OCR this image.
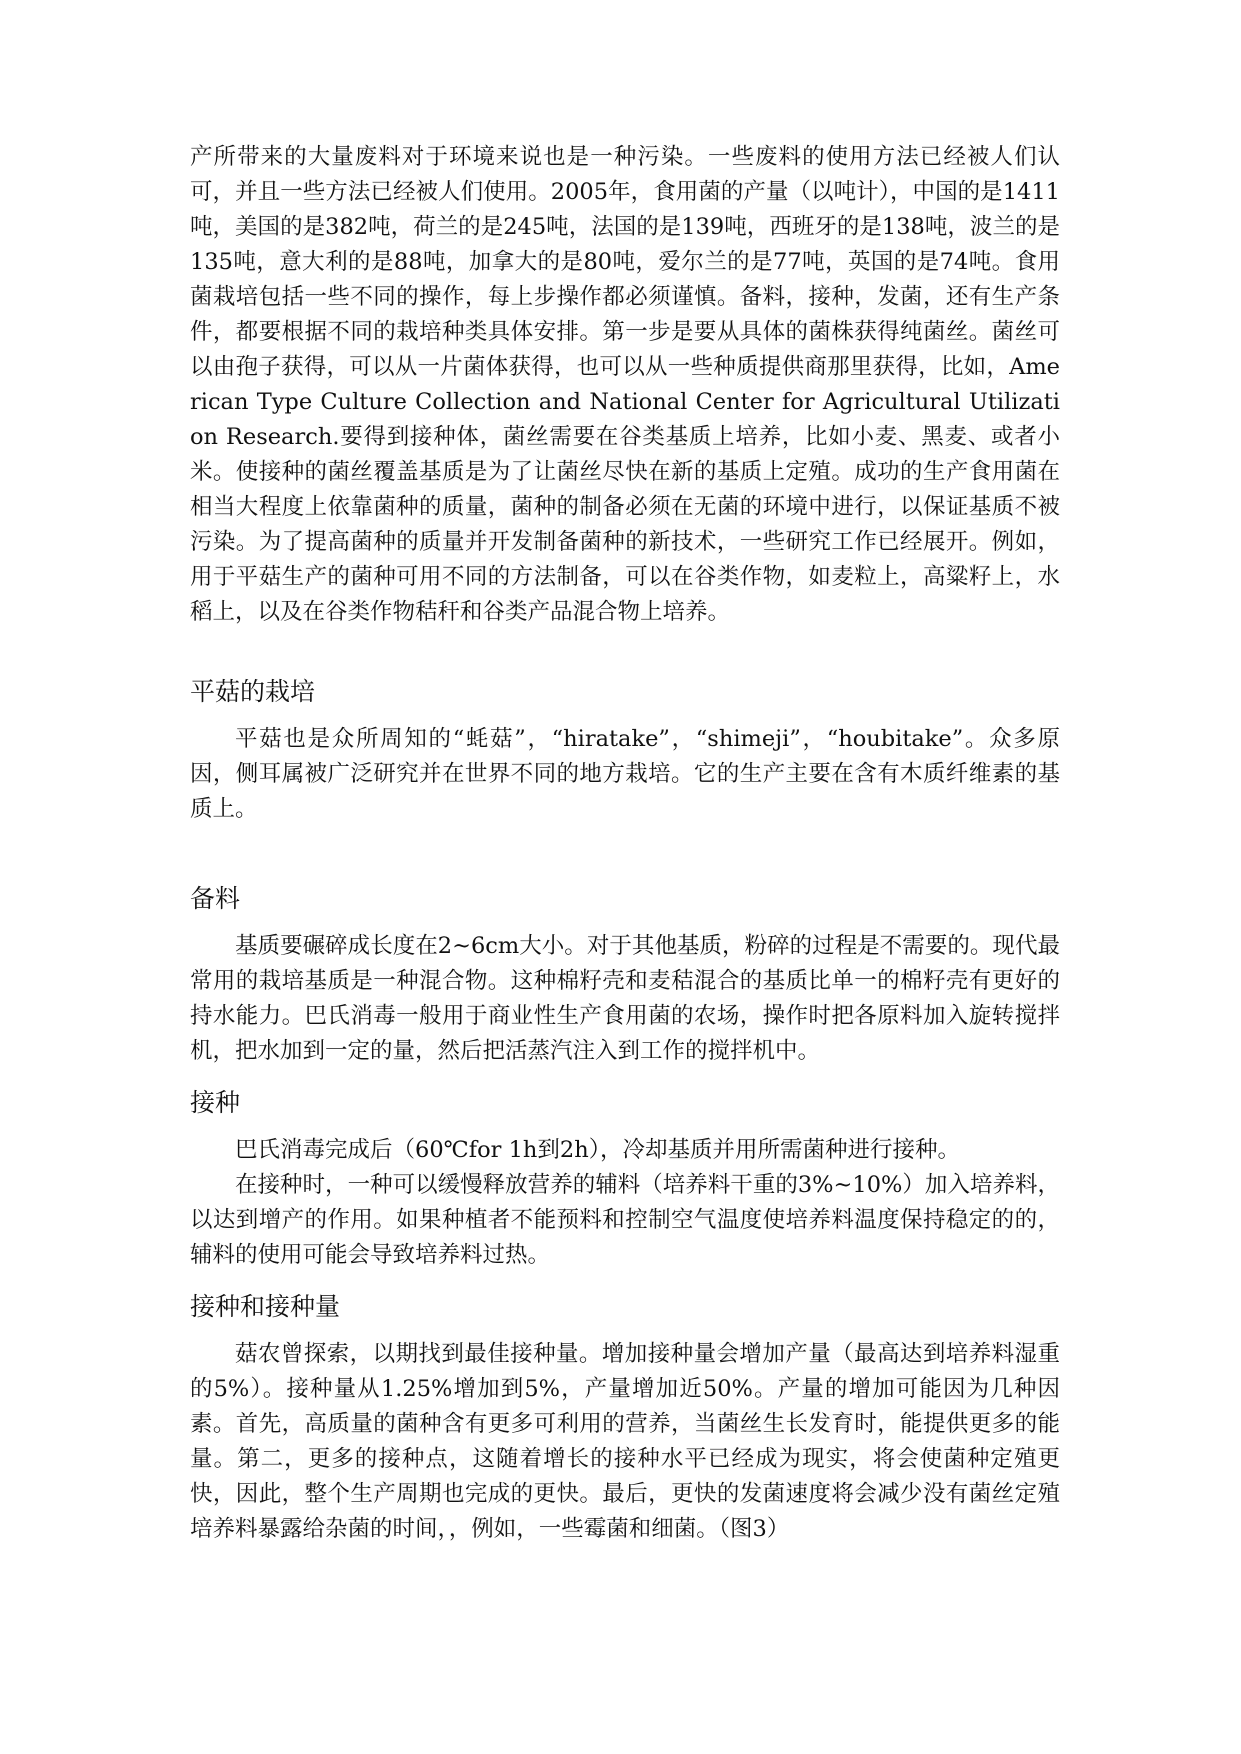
产所带来的大量废料对于环境来说也是一种污染。一些废料的使用方法已经被人们认可，并且一些方法已经被人们使用。2005年，食用菌的产量（以吨计），中国的是1411吨，美国的是382吨，荷兰的是245吨，法国的是139吨，西班牙的是138吨，波兰的是135吨，意大利的是88吨，加拿大的是80吨，爱尔兰的是77吨，英国的是74吨。食用菌栽培包括一些不同的操作，每上步操作都必须谨慎。备料，接种，发菌，还有生产条件，都要根据不同的栽培种类具体安排。第一步是要从具体的菌株获得纯菌丝。菌丝可以由孢子获得，可以从一片菌体获得，也可以从一些种质提供商那里获得，比如，American Type Culture Collection and National Center for Agricultural Utilization Research.要得到接种体，菌丝需要在谷类基质上培养，比如小麦、黑麦、或者小米。使接种的菌丝覆盖基质是为了让菌丝尽快在新的基质上定殖。成功的生产食用菌在相当大程度上依靠菌种的质量，菌种的制备必须在无菌的环境中进行，以保证基质不被污染。为了提高菌种的质量并开发制备菌种的新技术，一些研究工作已经展开。例如，用于平菇生产的菌种可用不同的方法制备，可以在谷类作物，如麦粒上，高粱籽上，水稻上，以及在谷类作物秸秆和谷类产品混合物上培养。

平菇的栽培

平菇也是众所周知的“蚝菇”，“hiratake”，“shimeji”，“houbitake”。众多原因，侧耳属被广泛研究并在世界不同的地方栽培。它的生产主要在含有木质纤维素的基质上。

备料

基质要碾碎成长度在2~6cm大小。对于其他基质，粉碎的过程是不需要的。现代最常用的栽培基质是一种混合物。这种棉籽壳和麦秸混合的基质比单一的棉籽壳有更好的持水能力。巴氏消毒一般用于商业性生产食用菌的农场，操作时把各原料加入旋转搅拌机，把水加到一定的量，然后把活蒸汽注入到工作的搅拌机中。

接种

巴氏消毒完成后（60℃for 1h到2h），冷却基质并用所需菌种进行接种。

在接种时，一种可以缓慢释放营养的辅料（培养料干重的3%~10%）加入培养料，以达到增产的作用。如果种植者不能预料和控制空气温度使培养料温度保持稳定的的，辅料的使用可能会导致培养料过热。

接种和接种量

菇农曾探索，以期找到最佳接种量。增加接种量会增加产量（最高达到培养料湿重的5%）。接种量从1.25%增加到5%，产量增加近50%。产量的增加可能因为几种因素。首先，高质量的菌种含有更多可利用的营养，当菌丝生长发育时，能提供更多的能量。第二，更多的接种点，这随着增长的接种水平已经成为现实，将会使菌种定殖更快，因此，整个生产周期也完成的更快。最后，更快的发菌速度将会减少没有菌丝定殖培养料暴露给杂菌的时间，，例如，一些霉菌和细菌。（图3）
